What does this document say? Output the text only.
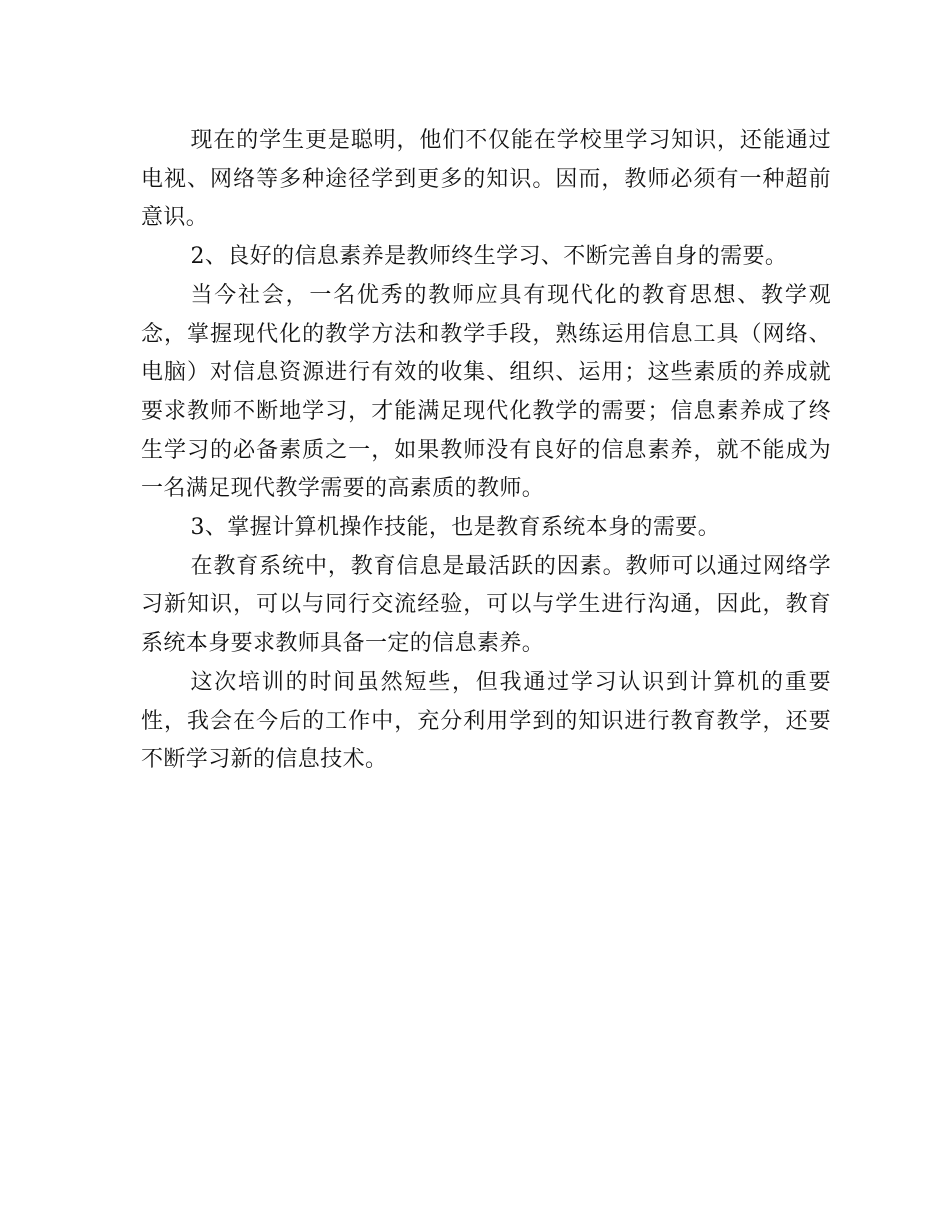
现在的学生更是聪明，他们不仅能在学校里学习知识，还能通过电视、网络等多种途径学到更多的知识。因而，教师必须有一种超前意识。

2、良好的信息素养是教师终生学习、不断完善自身的需要。

当今社会，一名优秀的教师应具有现代化的教育思想、教学观念，掌握现代化的教学方法和教学手段，熟练运用信息工具（网络、电脑）对信息资源进行有效的收集、组织、运用；这些素质的养成就要求教师不断地学习，才能满足现代化教学的需要；信息素养成了终生学习的必备素质之一，如果教师没有良好的信息素养，就不能成为一名满足现代教学需要的高素质的教师。

3、掌握计算机操作技能，也是教育系统本身的需要。

在教育系统中，教育信息是最活跃的因素。教师可以通过网络学习新知识，可以与同行交流经验，可以与学生进行沟通，因此，教育系统本身要求教师具备一定的信息素养。

这次培训的时间虽然短些，但我通过学习认识到计算机的重要性，我会在今后的工作中，充分利用学到的知识进行教育教学，还要不断学习新的信息技术。
